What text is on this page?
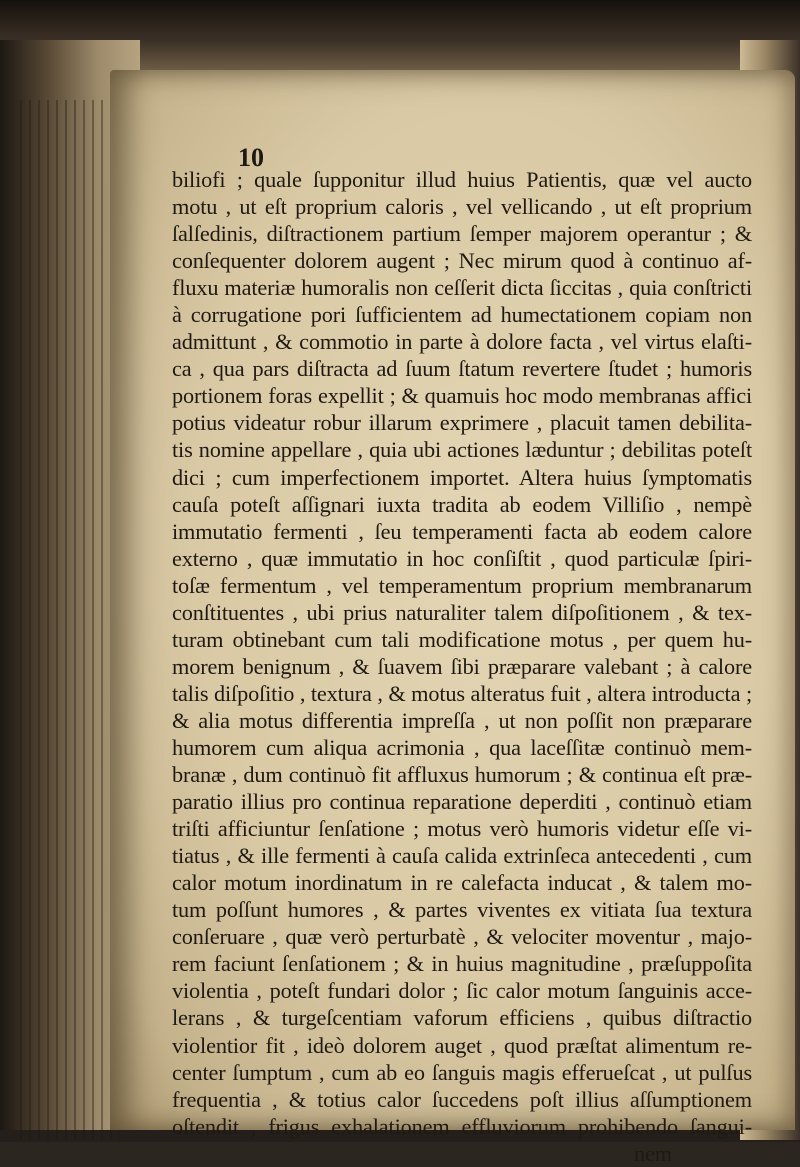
10
biliofi ; quale ſupponitur illud huius Patientis, quæ vel aucto
motu , ut eſt proprium caloris , vel vellicando , ut eſt proprium
ſalſedinis, diſtractionem partium ſemper majorem operantur ; &
conſequenter dolorem augent ; Nec mirum quod à continuo af-
fluxu materiæ humoralis non ceſſerit dicta ſiccitas , quia conſtricti
à corrugatione pori ſufficientem ad humectationem copiam non
admittunt , & commotio in parte à dolore facta , vel virtus elaſti-
ca , qua pars diſtracta ad ſuum ſtatum revertere ſtudet ; humoris
portionem foras expellit ; & quamuis hoc modo membranas affici
potius videatur robur illarum exprimere , placuit tamen debilita-
tis nomine appellare , quia ubi actiones læduntur ; debilitas poteſt
dici ; cum imperfectionem importet. Altera huius ſymptomatis
cauſa poteſt aſſignari iuxta tradita ab eodem Villiſio , nempè
immutatio fermenti , ſeu temperamenti facta ab eodem calore
externo , quæ immutatio in hoc conſiſtit , quod particulæ ſpiri-
toſæ fermentum , vel temperamentum proprium membranarum
conſtituentes , ubi prius naturaliter talem diſpoſitionem , & tex-
turam obtinebant cum tali modificatione motus , per quem hu-
morem benignum , & ſuavem ſibi præparare valebant ; à calore
talis diſpoſitio , textura , & motus alteratus fuit , altera introducta ;
& alia motus differentia impreſſa , ut non poſſit non præparare
humorem cum aliqua acrimonia , qua laceſſitæ continuò mem-
branæ , dum continuò fit affluxus humorum ; & continua eſt præ-
paratio illius pro continua reparatione deperditi , continuò etiam
triſti afficiuntur ſenſatione ; motus verò humoris videtur eſſe vi-
tiatus , & ille fermenti à cauſa calida extrinſeca antecedenti , cum
calor motum inordinatum in re calefacta inducat , & talem mo-
tum poſſunt humores , & partes viventes ex vitiata ſua textura
conſeruare , quæ verò perturbatè , & velociter moventur , majo-
rem faciunt ſenſationem ; & in huius magnitudine , præſuppoſita
violentia , poteſt fundari dolor ; ſic calor motum ſanguinis acce-
lerans , & turgeſcentiam vaforum efficiens , quibus diſtractio
violentior fit , ideò dolorem auget , quod præſtat alimentum re-
center ſumptum , cum ab eo ſanguis magis efferueſcat , ut pulſus
frequentia , & totius calor ſuccedens poſt illius aſſumptionem
oſtendit , frigus exhalationem effluviorum prohibendo ſangui-
nem
